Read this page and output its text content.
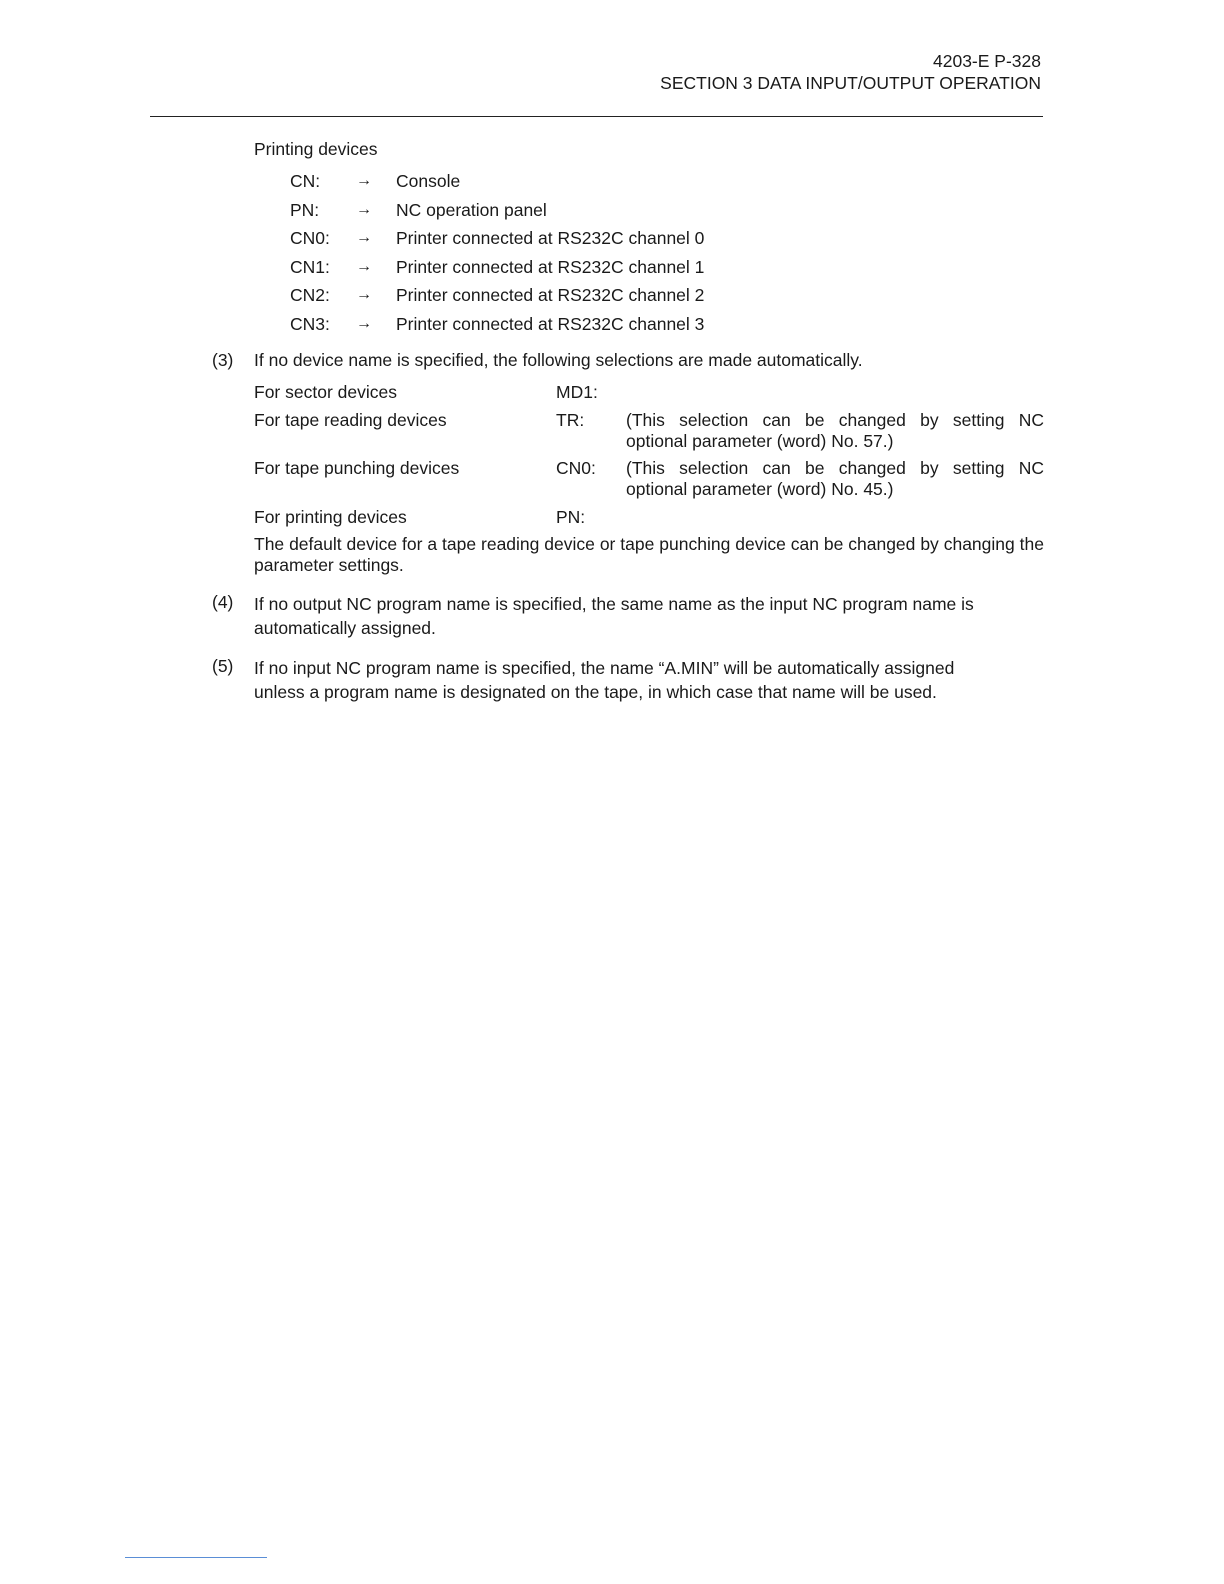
4203-E P-328
SECTION 3 DATA INPUT/OUTPUT OPERATION
Printing devices
CN: → Console
PN: → NC operation panel
CN0: → Printer connected at RS232C channel 0
CN1: → Printer connected at RS232C channel 1
CN2: → Printer connected at RS232C channel 2
CN3: → Printer connected at RS232C channel 3
(3) If no device name is specified, the following selections are made automatically.
For sector devices	MD1:
For tape reading devices	TR: (This selection can be changed by setting NC optional parameter (word) No. 57.)
For tape punching devices	CN0: (This selection can be changed by setting NC optional parameter (word) No. 45.)
For printing devices	PN:
The default device for a tape reading device or tape punching device can be changed by changing the parameter settings.
(4) If no output NC program name is specified, the same name as the input NC program name is automatically assigned.
(5) If no input NC program name is specified, the name “A.MIN” will be automatically assigned unless a program name is designated on the tape, in which case that name will be used.
